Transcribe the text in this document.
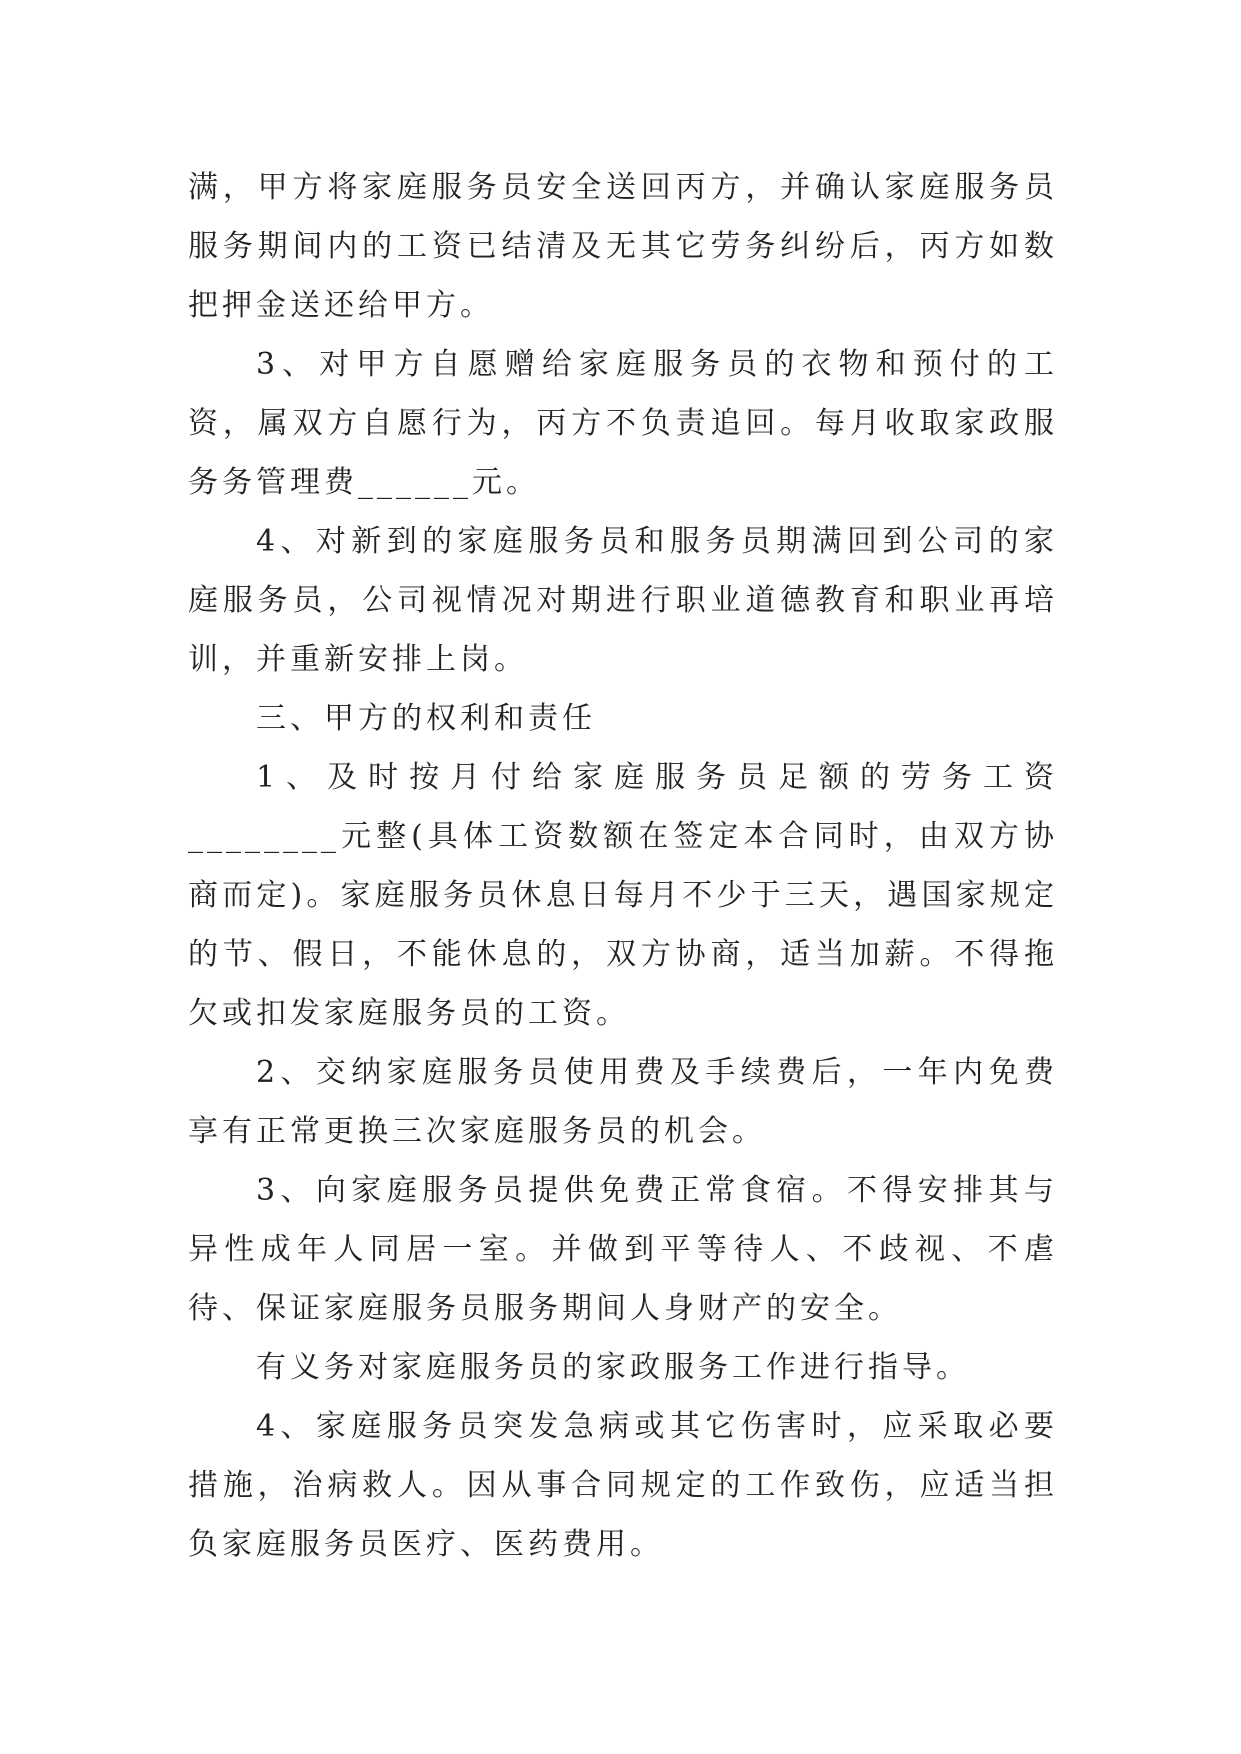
满，甲方将家庭服务员安全送回丙方，并确认家庭服务员服务期间内的工资已结清及无其它劳务纠纷后，丙方如数把押金送还给甲方。

3、对甲方自愿赠给家庭服务员的衣物和预付的工资，属双方自愿行为，丙方不负责追回。每月收取家政服务务管理费______元。

4、对新到的家庭服务员和服务员期满回到公司的家庭服务员，公司视情况对期进行职业道德教育和职业再培训，并重新安排上岗。

三、甲方的权利和责任

1、及时按月付给家庭服务员足额的劳务工资________元整(具体工资数额在签定本合同时，由双方协商而定)。家庭服务员休息日每月不少于三天，遇国家规定的节、假日，不能休息的，双方协商，适当加薪。不得拖欠或扣发家庭服务员的工资。

2、交纳家庭服务员使用费及手续费后，一年内免费享有正常更换三次家庭服务员的机会。

3、向家庭服务员提供免费正常食宿。不得安排其与异性成年人同居一室。并做到平等待人、不歧视、不虐待、保证家庭服务员服务期间人身财产的安全。

有义务对家庭服务员的家政服务工作进行指导。

4、家庭服务员突发急病或其它伤害时，应采取必要措施，治病救人。因从事合同规定的工作致伤，应适当担负家庭服务员医疗、医药费用。
